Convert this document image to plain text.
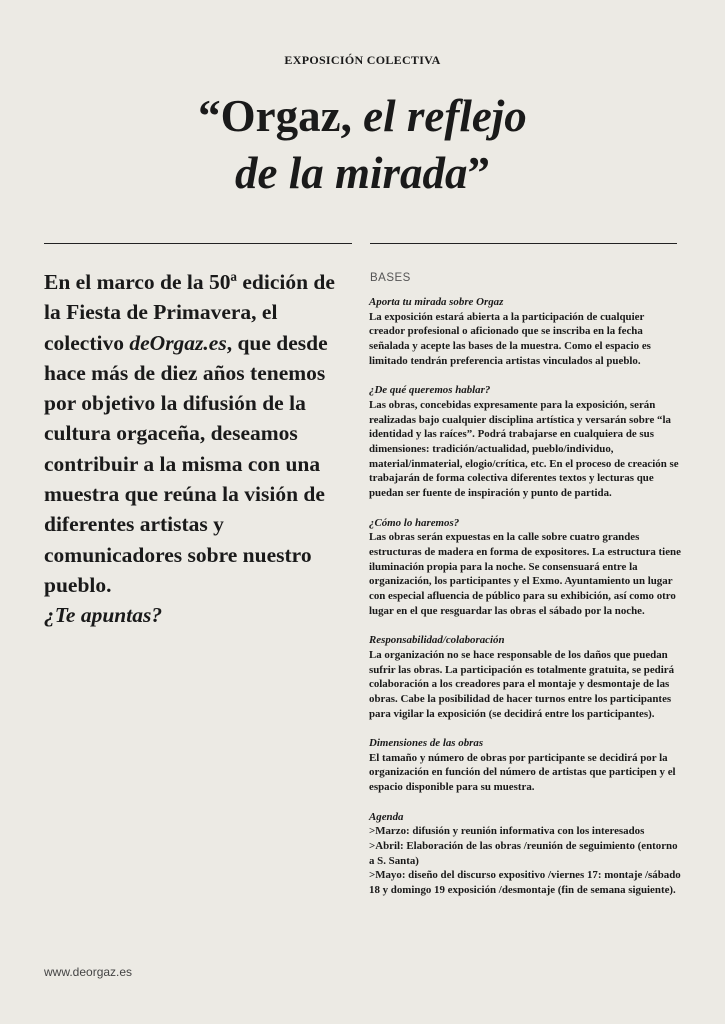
EXPOSICIÓN COLECTIVA
“Orgaz, el reflejo
de la mirada”

En el marco de la 50ª edición de la Fiesta de Primavera, el colectivo deOrgaz.es, que desde hace más de diez años tenemos por objetivo la difusión de la cultura orgaceña, deseamos contribuir a la misma con una muestra que reúna la visión de diferentes artistas y comunicadores sobre nuestro pueblo.

¿Te apuntas?

BASES
Aporta tu mirada sobre Orgaz
La exposición estará abierta a la participación de cualquier creador profesional o aficionado que se inscriba en la fecha señalada y acepte las bases de la muestra. Como el espacio es limitado tendrán preferencia artistas vinculados al pueblo.
¿De qué queremos hablar?
Las obras, concebidas expresamente para la exposición, serán realizadas bajo cualquier disciplina artística y versarán sobre “la identidad y las raíces”. Podrá trabajarse en cualquiera de sus dimensiones: tradición/actualidad, pueblo/individuo, material/inmaterial, elogio/crítica, etc. En el proceso de creación se trabajarán de forma colectiva diferentes textos y lecturas que puedan ser fuente de inspiración y punto de partida.
¿Cómo lo haremos?
Las obras serán expuestas en la calle sobre cuatro grandes estructuras de madera en forma de expositores. La estructura tiene iluminación propia para la noche. Se consensuará entre la organización, los participantes y el Exmo. Ayuntamiento un lugar con especial afluencia de público para su exhibición, así como otro lugar en el que resguardar las obras el sábado por la noche.
Responsabilidad/colaboración
La organización no se hace responsable de los daños que puedan sufrir las obras. La participación es totalmente gratuita, se pedirá colaboración a los creadores para el montaje y desmontaje de las obras. Cabe la posibilidad de hacer turnos entre los participantes para vigilar la exposición (se decidirá entre los participantes).
Dimensiones de las obras
El tamaño y número de obras por participante se decidirá por la organización en función del número de artistas que participen y el espacio disponible para su muestra.
Agenda
>Marzo: difusión y reunión informativa con los interesados
>Abril: Elaboración de las obras /reunión de seguimiento (entorno a S. Santa)
>Mayo: diseño del discurso expositivo /viernes 17: montaje /sábado 18 y domingo 19 exposición /desmontaje (fin de semana siguiente).
www.deorgaz.es
